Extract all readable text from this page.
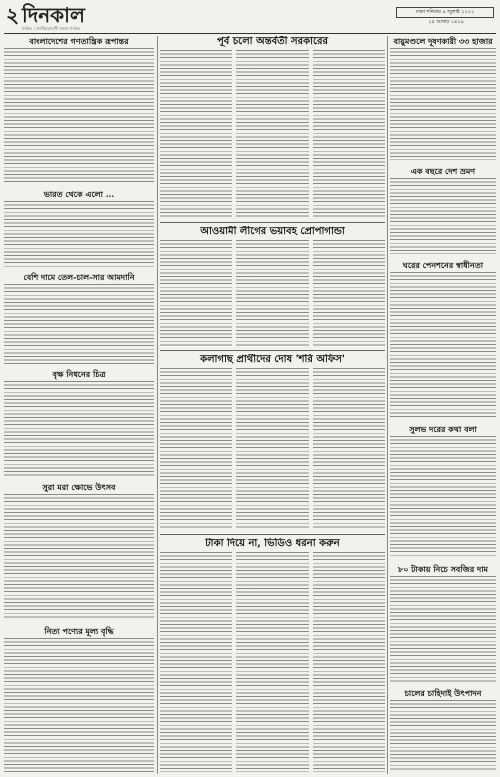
২ দিনকাল
দৈনিক । জাতীয়তাবাদী বাংলা দৈনিক
ঢাকা শনিবার ৯ জুলাই ২০২২
২৫ আষাঢ় ১৪২৯
বাংলাদেশের গণতান্ত্রিক রূপান্তর
ভারত থেকে এলো ...
বেশি দামে তেল-চাল-সার আমদানি
বৃক্ষ নিধনের চিত্র
সুরা মরা ক্ষোভে উৎসব
নিত্য পণ্যের মূল্য বৃদ্ধি
পূর্ব চলো অন্তর্বর্তী সরকারের
আওয়ামী লীগের ভয়াবহ প্রোপাগান্ডা
কলাগাছ প্রার্থীদের দোষ 'শরি অফিস'
টাকা দিয়ে না, ভিডিও ধরনা করুন
বায়ুমণ্ডলে দূষণকারী ৩৩ হাজার
এক বছরে দেশ ভ্রমণ
ঘরের পেনশনের স্বাধীনতা
সুলভ দরের কথা বলা
৮০ টাকায় নিচে সবজির দাম
চালের চাহিদাই উৎপাদন
